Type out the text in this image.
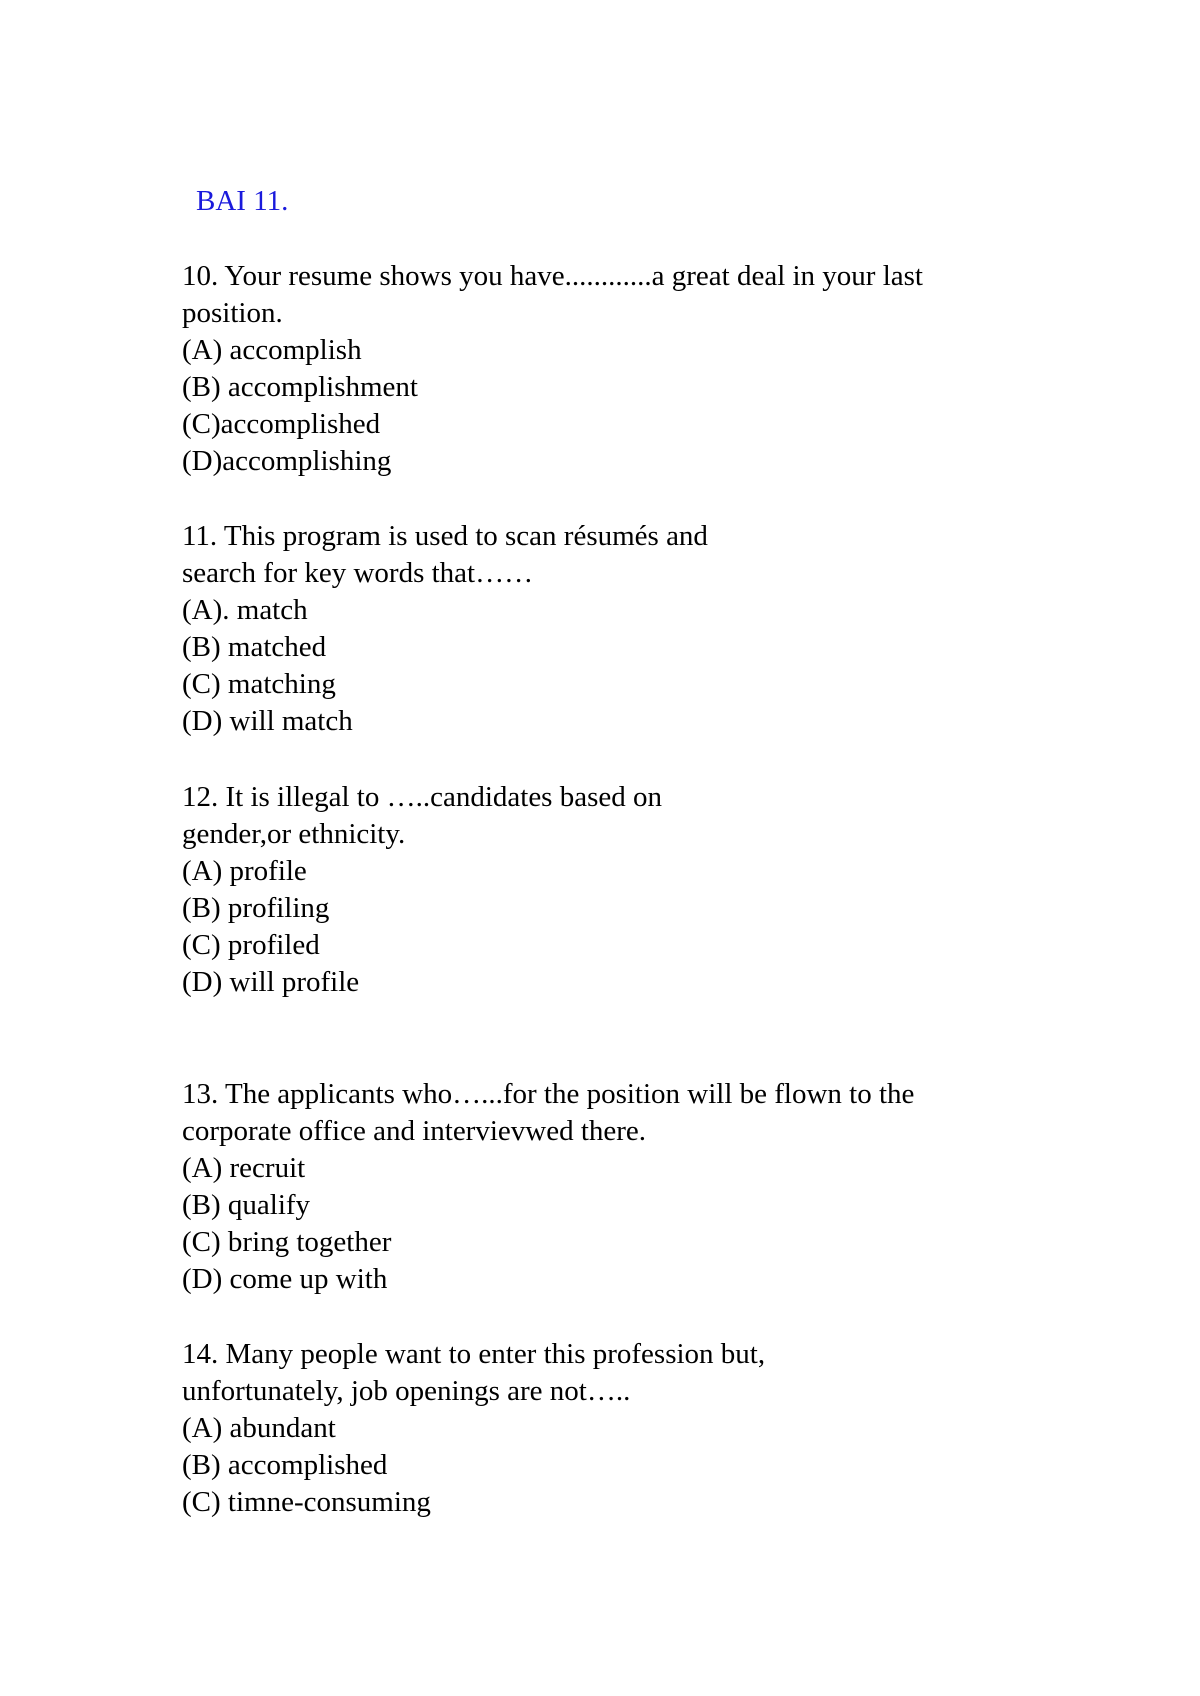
BAI 11.
10. Your resume shows you have............a great deal in your last
position.
(A) accomplish
(B) accomplishment
(C)accomplished
(D)accomplishing
11. This program is used to scan résumés and
search for key words that……
(A). match
(B) matched
(C) matching
(D) will match
12. It is illegal to …..candidates based on
gender,or ethnicity.
(A) profile
(B) profiling
(C) profiled
(D) will profile
13. The applicants who…...for the position will be flown to the
corporate office and intervievwed there.
(A) recruit
(B) qualify
(C) bring together
(D) come up with
14. Many people want to enter this profession but,
unfortunately, job openings are not…..
(A) abundant
(B) accomplished
(C) timne-consuming
